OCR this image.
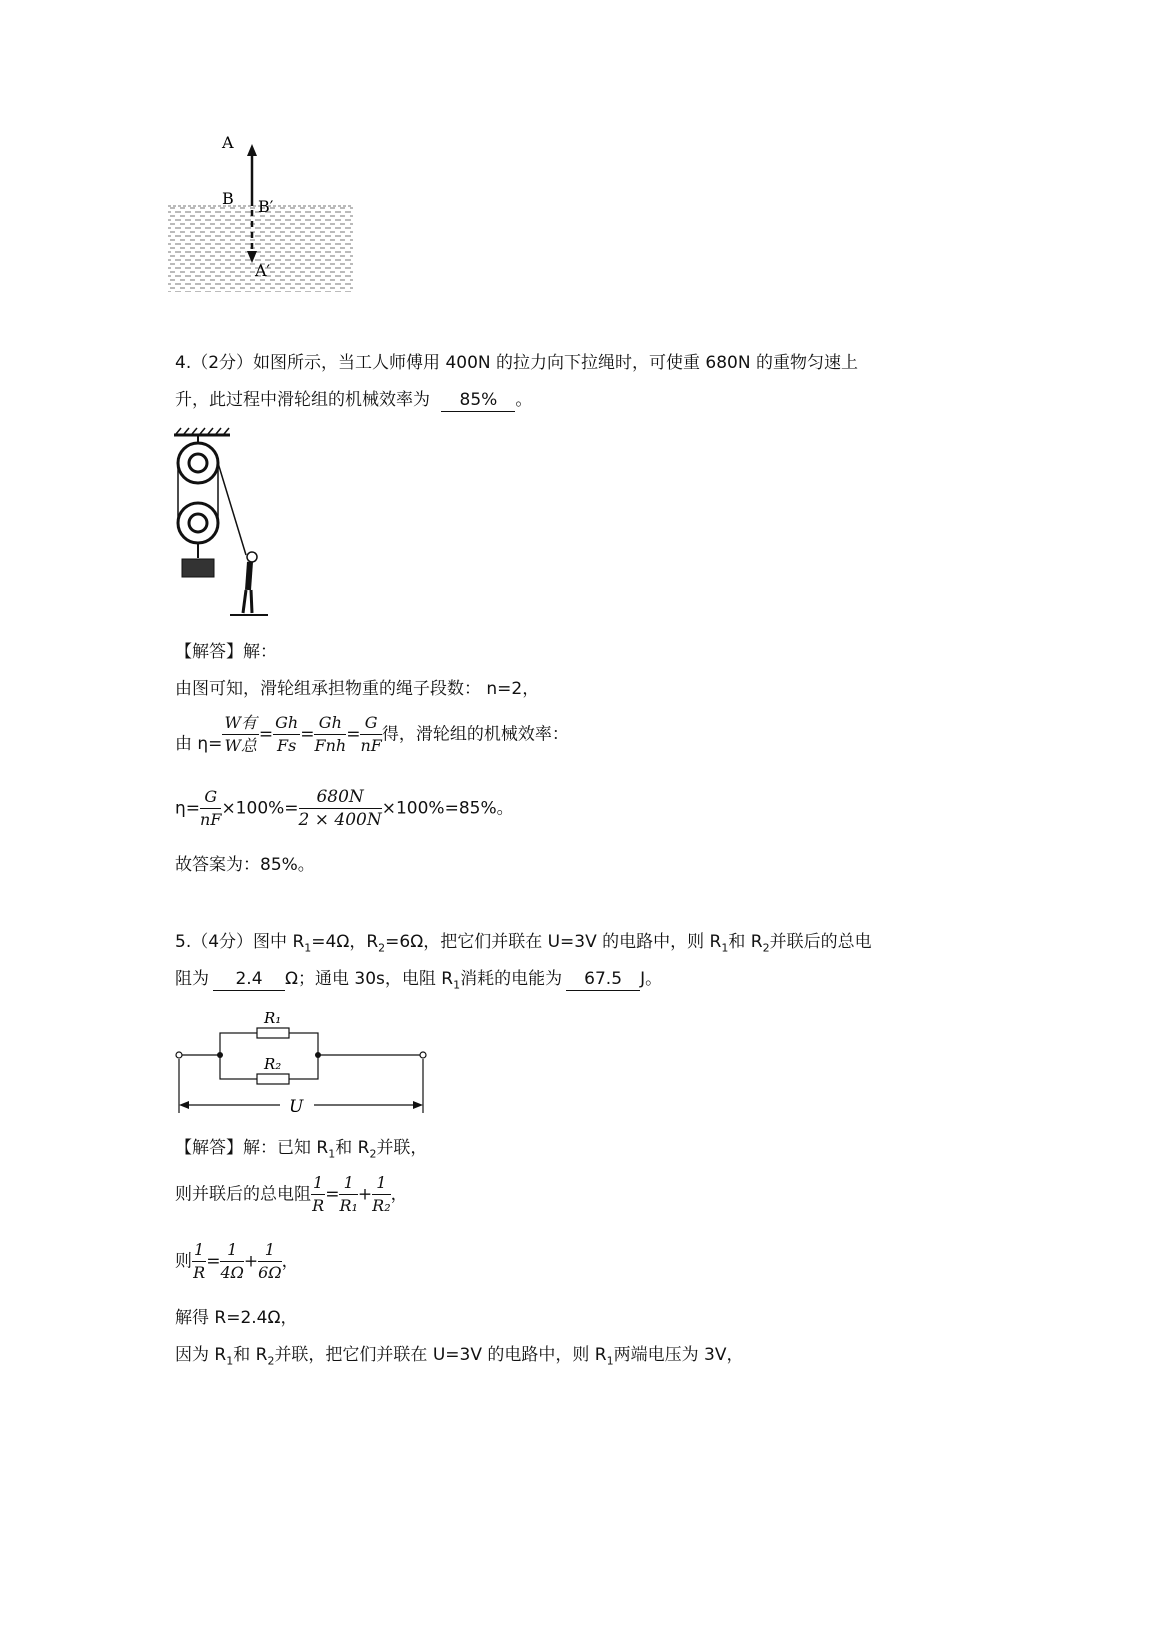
A
B B′
A′
4.（2分）如图所示，当工人师傅用 400N 的拉力向下拉绳时，可使重 680N 的重物匀速上
升，此过程中滑轮组的机械效率为 85% 。
【解答】解：
由图可知，滑轮组承担物重的绳子段数： n=2，
由 $\eta= \frac{\text{W有}}{\text{W总}} = \frac{Gh}{Fs} = \frac{Gh}{\text{Fnh}} = \frac{G}{nF}$ 得，滑轮组的机械效率：
$\eta= \frac{G}{nF} \times 100\%= \frac{680N}{2 \times 400N} \times 100\%=85\%$。
故答案为：85%。
5.（4分）图中 $R_1=4\Omega$，$R_2=6\Omega$，把它们并联在 U=3V 的电路中，则 $R_1$和 $R_2$并联后的总电
阻为 2.4 Ω；通电 30s，电阻 $R_1$消耗的电能为 67.5 J。
R₁
R₂
U
【解答】解：已知 $R_1$和 $R_2$并联，
则并联后的总电阻 $\frac{1}{R} = \frac{1}{\text{R₁}} + \frac{1}{\text{R₂}}$ ，
则 $\frac{1}{R} = \frac{1}{4\Omega} + \frac{1}{6\Omega}$ ，
解得 R=2.4Ω，
因为 $R_1$和 $R_2$并联，把它们并联在 U=3V 的电路中，则 $R_1$两端电压为 3V，
